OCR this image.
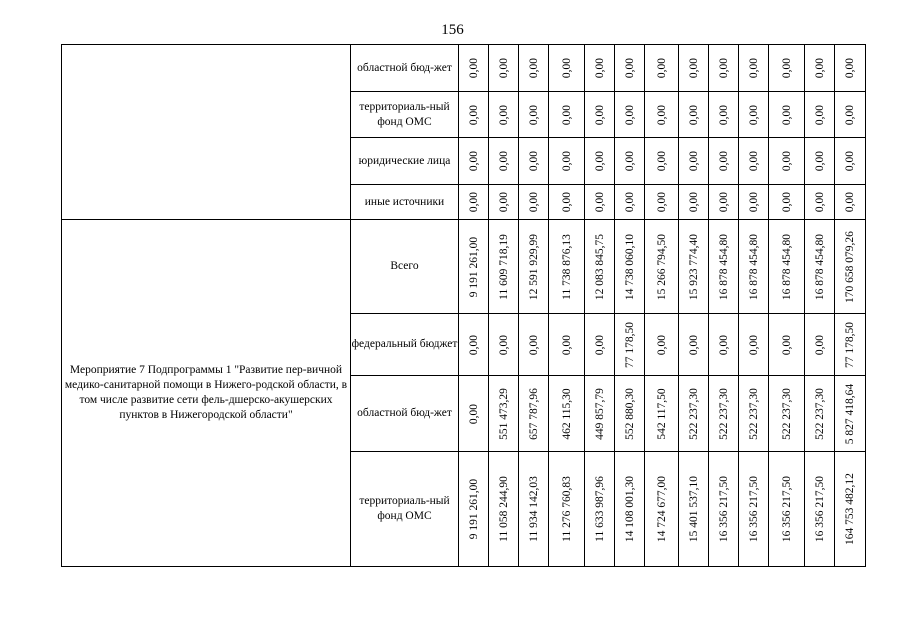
156
	областной бюд-жет	0,00	0,00	0,00	0,00	0,00	0,00	0,00	0,00	0,00	0,00	0,00	0,00	0,00

	территориаль-ный фонд ОМС	0,00	0,00	0,00	0,00	0,00	0,00	0,00	0,00	0,00	0,00	0,00	0,00	0,00

	юридические лица	0,00	0,00	0,00	0,00	0,00	0,00	0,00	0,00	0,00	0,00	0,00	0,00	0,00

	иные источники	0,00	0,00	0,00	0,00	0,00	0,00	0,00	0,00	0,00	0,00	0,00	0,00	0,00

Мероприятие 7 Подпрограммы 1 "Развитие пер-вичной медико-санитарной помощи в Нижего-родской области, в том числе развитие сети фель-дшерско-акушерских пунктов в Нижегородской области"	Всего	9 191 261,00	11 609 718,19	12 591 929,99	11 738 876,13	12 083 845,75	14 738 060,10	15 266 794,50	15 923 774,40	16 878 454,80	16 878 454,80	16 878 454,80	16 878 454,80	170 658 079,26

	федеральный бюджет	0,00	0,00	0,00	0,00	0,00	77 178,50	0,00	0,00	0,00	0,00	0,00	0,00	77 178,50

	областной бюд-жет	0,00	551 473,29	657 787,96	462 115,30	449 857,79	552 880,30	542 117,50	522 237,30	522 237,30	522 237,30	522 237,30	522 237,30	5 827 418,64

	территориаль-ный фонд ОМС	9 191 261,00	11 058 244,90	11 934 142,03	11 276 760,83	11 633 987,96	14 108 001,30	14 724 677,00	15 401 537,10	16 356 217,50	16 356 217,50	16 356 217,50	16 356 217,50	164 753 482,12
